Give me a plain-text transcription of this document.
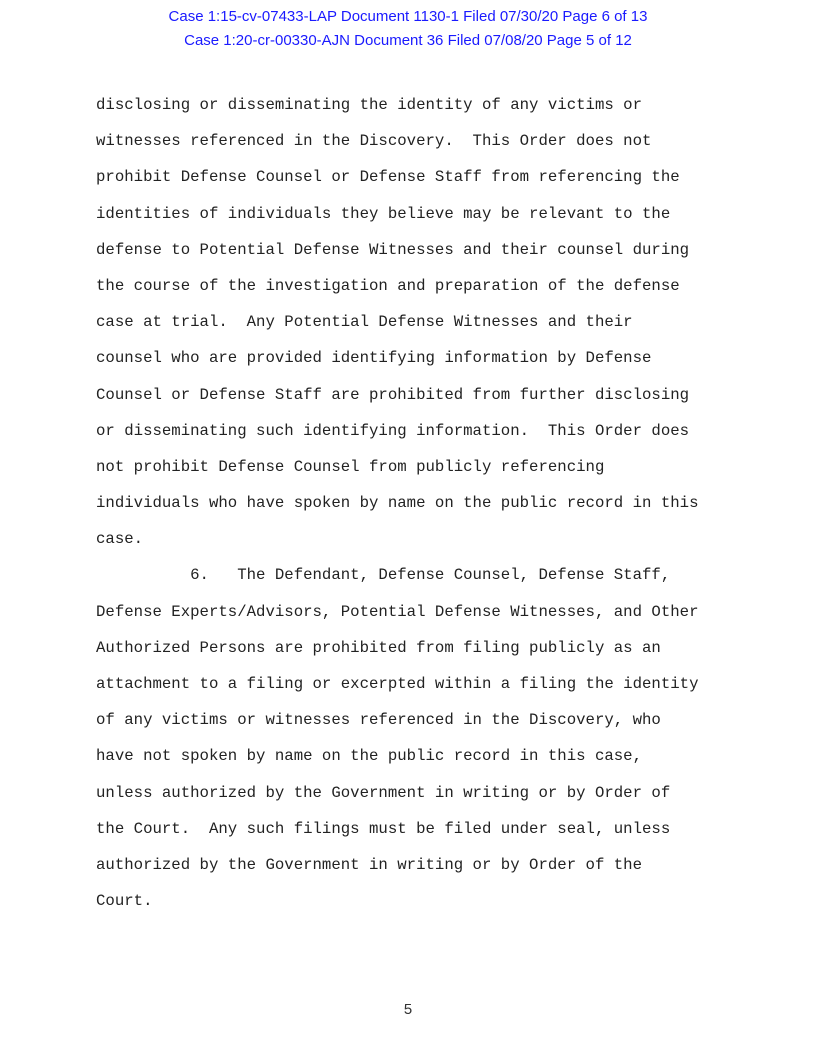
Case 1:15-cv-07433-LAP Document 1130-1 Filed 07/30/20 Page 6 of 13
Case 1:20-cr-00330-AJN Document 36 Filed 07/08/20 Page 5 of 12
disclosing or disseminating the identity of any victims or
witnesses referenced in the Discovery.  This Order does not
prohibit Defense Counsel or Defense Staff from referencing the
identities of individuals they believe may be relevant to the
defense to Potential Defense Witnesses and their counsel during
the course of the investigation and preparation of the defense
case at trial.  Any Potential Defense Witnesses and their
counsel who are provided identifying information by Defense
Counsel or Defense Staff are prohibited from further disclosing
or disseminating such identifying information.  This Order does
not prohibit Defense Counsel from publicly referencing
individuals who have spoken by name on the public record in this
case.
6.   The Defendant, Defense Counsel, Defense Staff,
Defense Experts/Advisors, Potential Defense Witnesses, and Other
Authorized Persons are prohibited from filing publicly as an
attachment to a filing or excerpted within a filing the identity
of any victims or witnesses referenced in the Discovery, who
have not spoken by name on the public record in this case,
unless authorized by the Government in writing or by Order of
the Court.  Any such filings must be filed under seal, unless
authorized by the Government in writing or by Order of the
Court.
5
